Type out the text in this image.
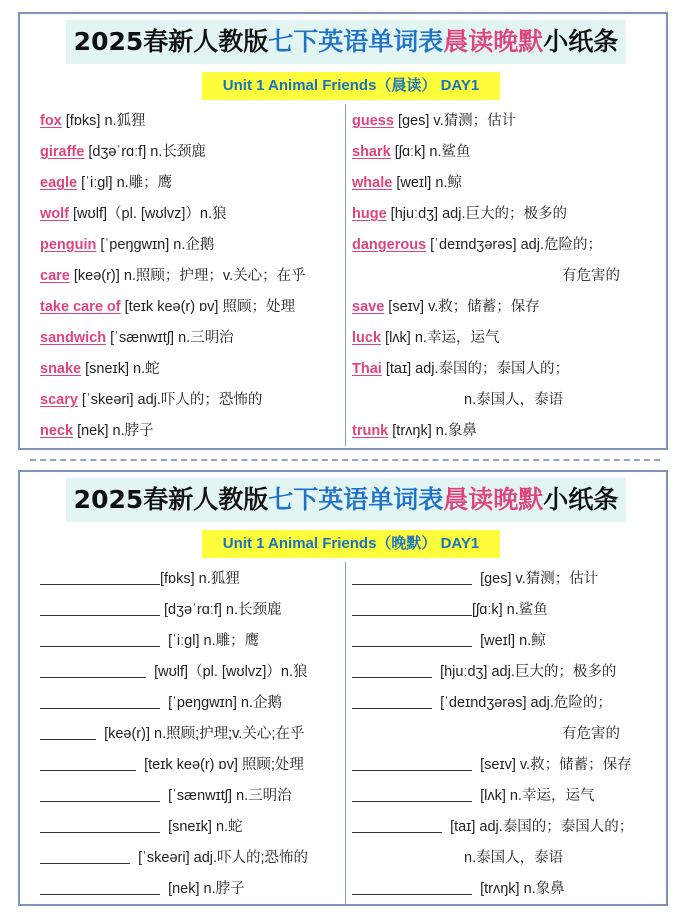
2025春新人教版七下英语单词表晨读晚默小纸条
Unit 1 Animal Friends（晨读） DAY1
fox [fɒks] n.狐狸
giraffe [dʒəˈrɑːf] n.长颈鹿
eagle [ˈiːgl] n.雕；鹰
wolf [wʊlf]（pl. [wʊlvz]）n.狼
penguin [ˈpeŋgwɪn] n.企鹅
care [keə(r)] n.照顾；护理；v.关心；在乎
take care of [teɪk keə(r) ɒv] 照顾；处理
sandwich [ˈsænwɪtʃ] n.三明治
snake [sneɪk] n.蛇
scary [ˈskeəri] adj.吓人的；恐怖的
neck [nek] n.脖子
guess [ges] v.猜测；估计
shark [ʃɑːk] n.鲨鱼
whale [weɪl] n.鲸
huge [hjuːdʒ] adj.巨大的；极多的
dangerous [ˈdeɪndʒərəs] adj.危险的；
有危害的
save [seɪv] v.救；储蓄；保存
luck [lʌk] n.幸运，运气
Thai [taɪ] adj.泰国的；泰国人的；
n.泰国人，泰语
trunk [trʌŋk] n.象鼻
2025春新人教版七下英语单词表晨读晚默小纸条
Unit 1 Animal Friends（晚默） DAY1
[fɒks] n.狐狸
[dʒəˈrɑːf] n.长颈鹿
[ˈiːgl] n.雕；鹰
[wʊlf]（pl. [wʊlvz]）n.狼
[ˈpeŋgwɪn] n.企鹅
[keə(r)] n.照顾;护理;v.关心;在乎
[teɪk keə(r) ɒv] 照顾;处理
[ˈsænwɪtʃ] n.三明治
[sneɪk] n.蛇
[ˈskeəri] adj.吓人的;恐怖的
[nek] n.脖子
[ges] v.猜测；估计
[ʃɑːk] n.鲨鱼
[weɪl] n.鲸
[hjuːdʒ] adj.巨大的；极多的
[ˈdeɪndʒərəs] adj.危险的；
有危害的
[seɪv] v.救；储蓄；保存
[lʌk] n.幸运，运气
[taɪ] adj.泰国的；泰国人的；
n.泰国人，泰语
[trʌŋk] n.象鼻
